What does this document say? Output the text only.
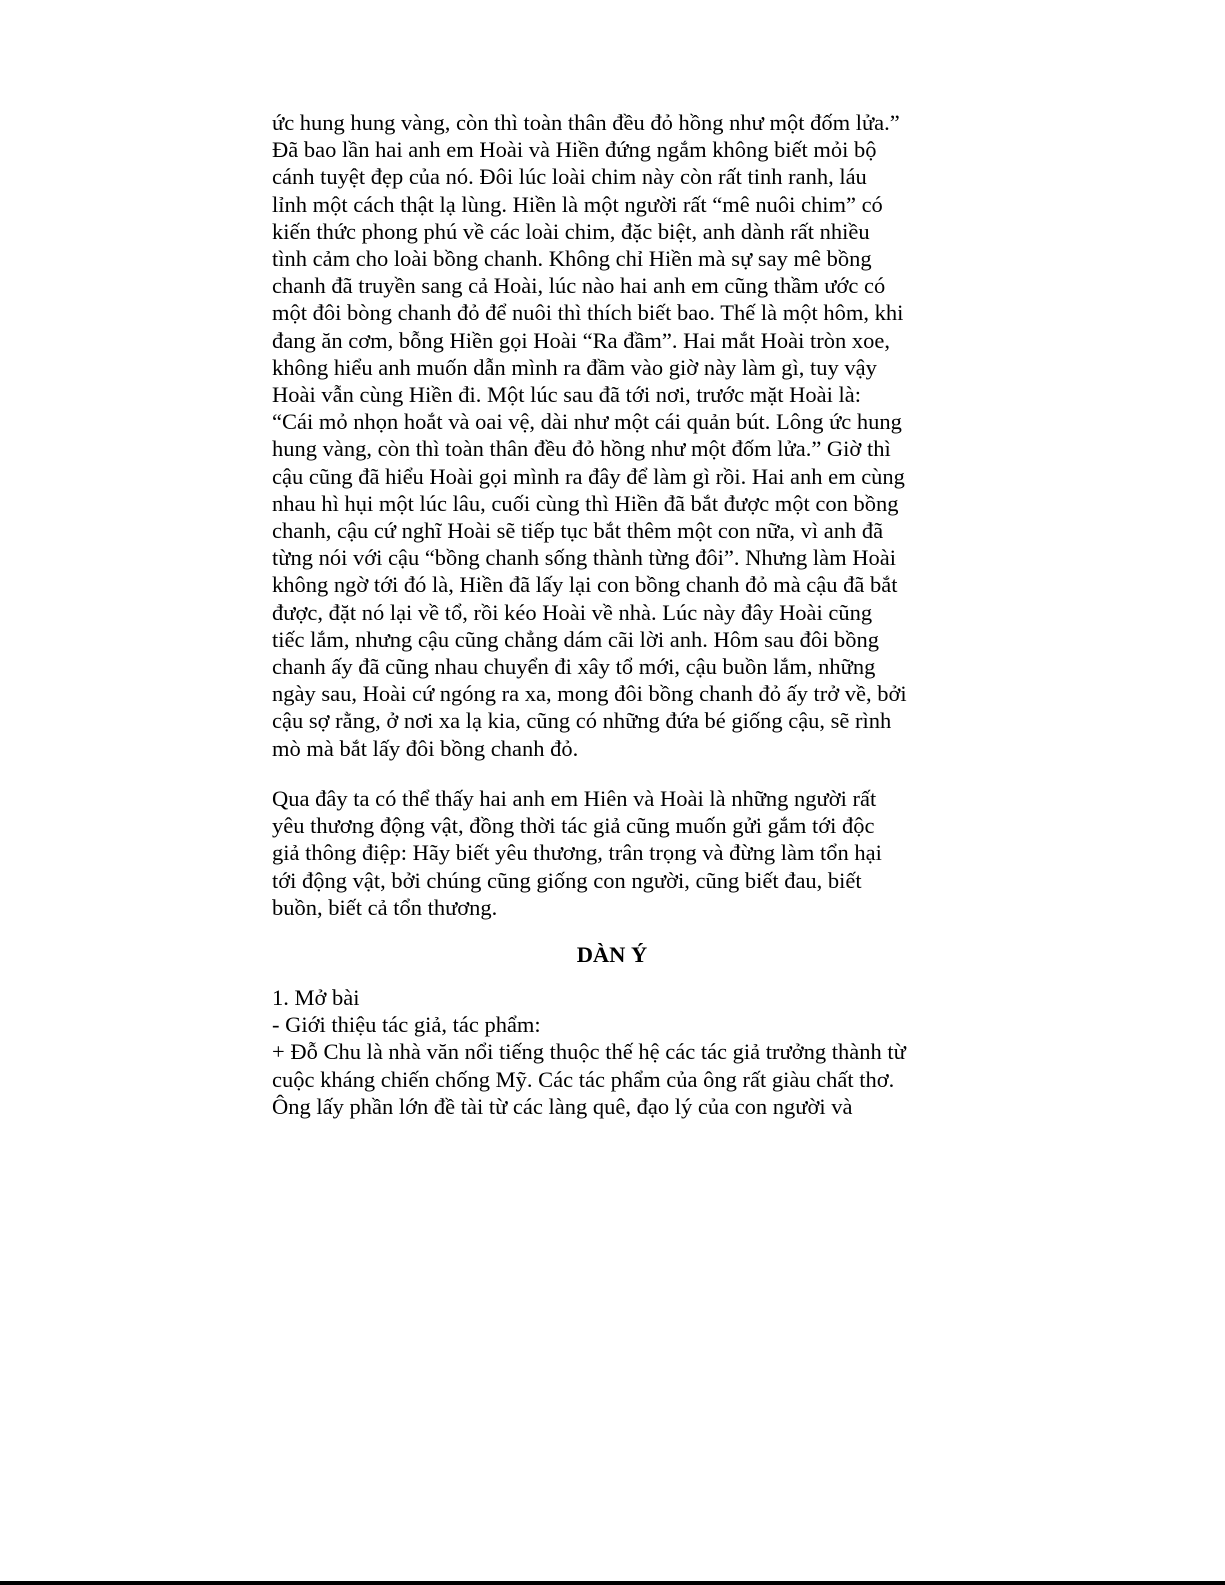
ức hung hung vàng, còn thì toàn thân đều đỏ hồng như một đốm lửa.”
Đã bao lần hai anh em Hoài và Hiền đứng ngắm không biết mỏi bộ
cánh tuyệt đẹp của nó. Đôi lúc loài chim này còn rất tinh ranh, láu
lỉnh một cách thật lạ lùng. Hiền là một người rất “mê nuôi chim” có
kiến thức phong phú về các loài chim, đặc biệt, anh dành rất nhiều
tình cảm cho loài bồng chanh. Không chỉ Hiền mà sự say mê bồng
chanh đã truyền sang cả Hoài, lúc nào hai anh em cũng thầm ước có
một đôi bòng chanh đỏ để nuôi thì thích biết bao. Thế là một hôm, khi
đang ăn cơm, bỗng Hiền gọi Hoài “Ra đầm”. Hai mắt Hoài tròn xoe,
không hiểu anh muốn dẫn mình ra đầm vào giờ này làm gì, tuy vậy
Hoài vẫn cùng Hiền đi. Một lúc sau đã tới nơi, trước mặt Hoài là:
“Cái mỏ nhọn hoắt và oai vệ, dài như một cái quản bút. Lông ức hung
hung vàng, còn thì toàn thân đều đỏ hồng như một đốm lửa.” Giờ thì
cậu cũng đã hiểu Hoài gọi mình ra đây để làm gì rồi. Hai anh em cùng
nhau hì hụi một lúc lâu, cuối cùng thì Hiền đã bắt được một con bồng
chanh, cậu cứ nghĩ Hoài sẽ tiếp tục bắt thêm một con nữa, vì anh đã
từng nói với cậu “bồng chanh sống thành từng đôi”. Nhưng làm Hoài
không ngờ tới đó là, Hiền đã lấy lại con bồng chanh đỏ mà cậu đã bắt
được, đặt nó lại về tổ, rồi kéo Hoài về nhà. Lúc này đây Hoài cũng
tiếc lắm, nhưng cậu cũng chẳng dám cãi lời anh. Hôm sau đôi bồng
chanh ấy đã cũng nhau chuyển đi xây tổ mới, cậu buồn lắm, những
ngày sau, Hoài cứ ngóng ra xa, mong đôi bồng chanh đỏ ấy trở về, bởi
cậu sợ rằng, ở nơi xa lạ kia, cũng có những đứa bé giống cậu, sẽ rình
mò mà bắt lấy đôi bồng chanh đỏ.
Qua đây ta có thể thấy hai anh em Hiên và Hoài là những người rất
yêu thương động vật, đồng thời tác giả cũng muốn gửi gắm tới độc
giả thông điệp: Hãy biết yêu thương, trân trọng và đừng làm tổn hại
tới động vật, bởi chúng cũng giống con người, cũng biết đau, biết
buồn, biết cả tổn thương.
DÀN Ý
1. Mở bài
- Giới thiệu tác giả, tác phẩm:
+ Đỗ Chu là nhà văn nổi tiếng thuộc thế hệ các tác giả trưởng thành từ
cuộc kháng chiến chống Mỹ. Các tác phẩm của ông rất giàu chất thơ.
Ông lấy phần lớn đề tài từ các làng quê, đạo lý của con người và
